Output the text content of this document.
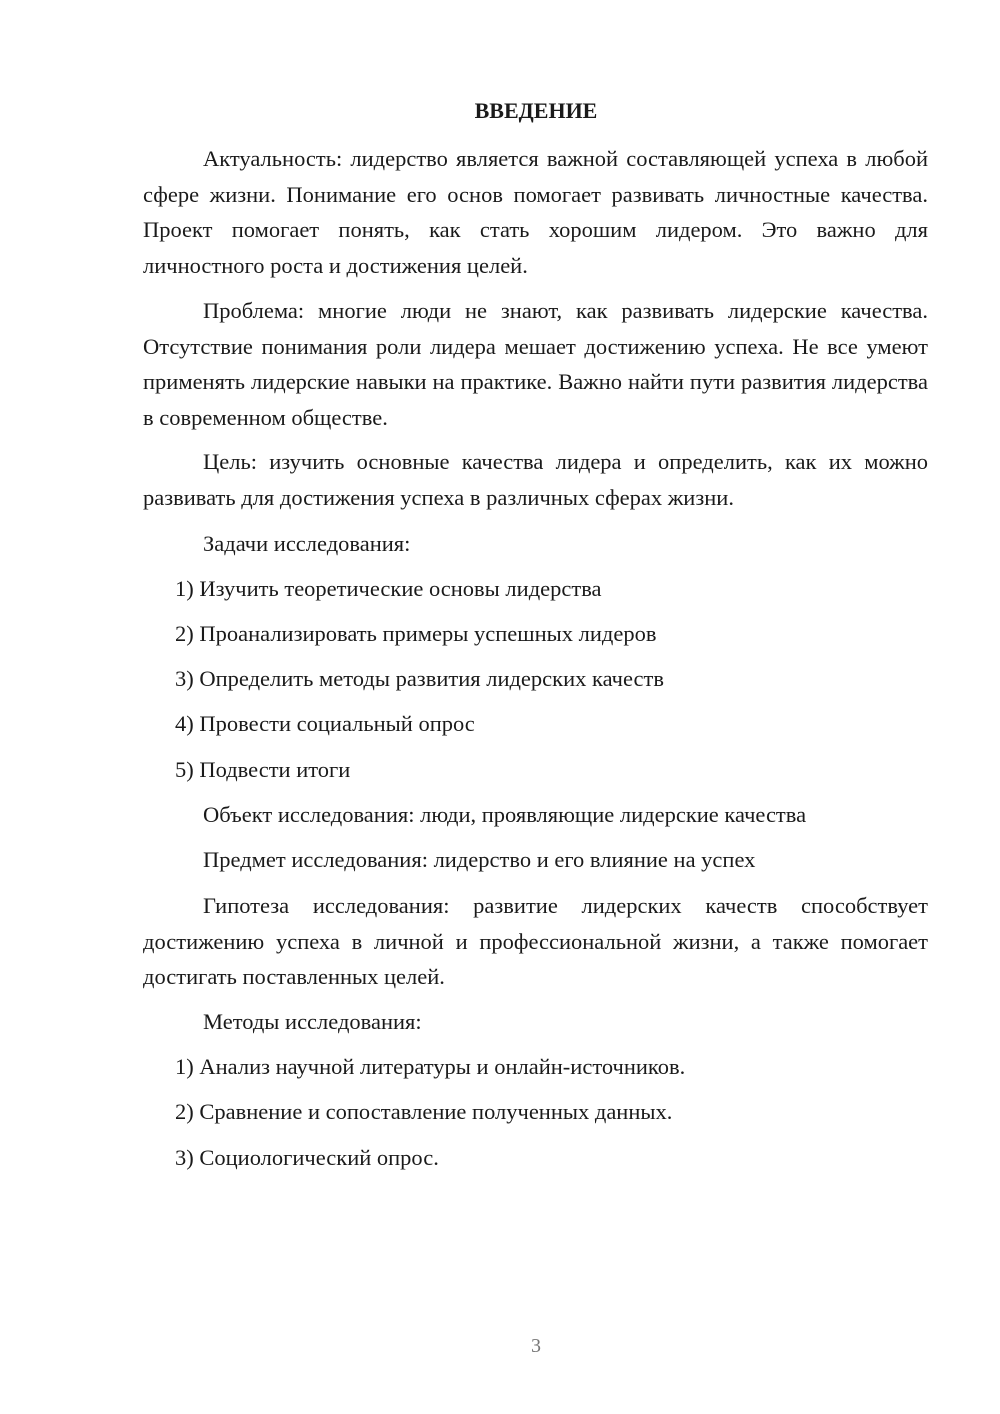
ВВЕДЕНИЕ

Актуальность: лидерство является важной составляющей успеха в любой сфере жизни. Понимание его основ помогает развивать личностные качества. Проект помогает понять, как стать хорошим лидером. Это важно для личностного роста и достижения целей.

Проблема: многие люди не знают, как развивать лидерские качества. Отсутствие понимания роли лидера мешает достижению успеха. Не все умеют применять лидерские навыки на практике. Важно найти пути развития лидерства в современном обществе.

Цель: изучить основные качества лидера и определить, как их можно развивать для достижения успеха в различных сферах жизни.

Задачи исследования:

1) Изучить теоретические основы лидерства

2) Проанализировать примеры успешных лидеров

3) Определить методы развития лидерских качеств

4) Провести социальный опрос

5) Подвести итоги

Объект исследования: люди, проявляющие лидерские качества

Предмет исследования: лидерство и его влияние на успех

Гипотеза исследования: развитие лидерских качеств способствует достижению успеха в личной и профессиональной жизни, а также помогает достигать поставленных целей.

Методы исследования:

1) Анализ научной литературы и онлайн-источников.

2) Сравнение и сопоставление полученных данных.

3) Социологический опрос.

3
